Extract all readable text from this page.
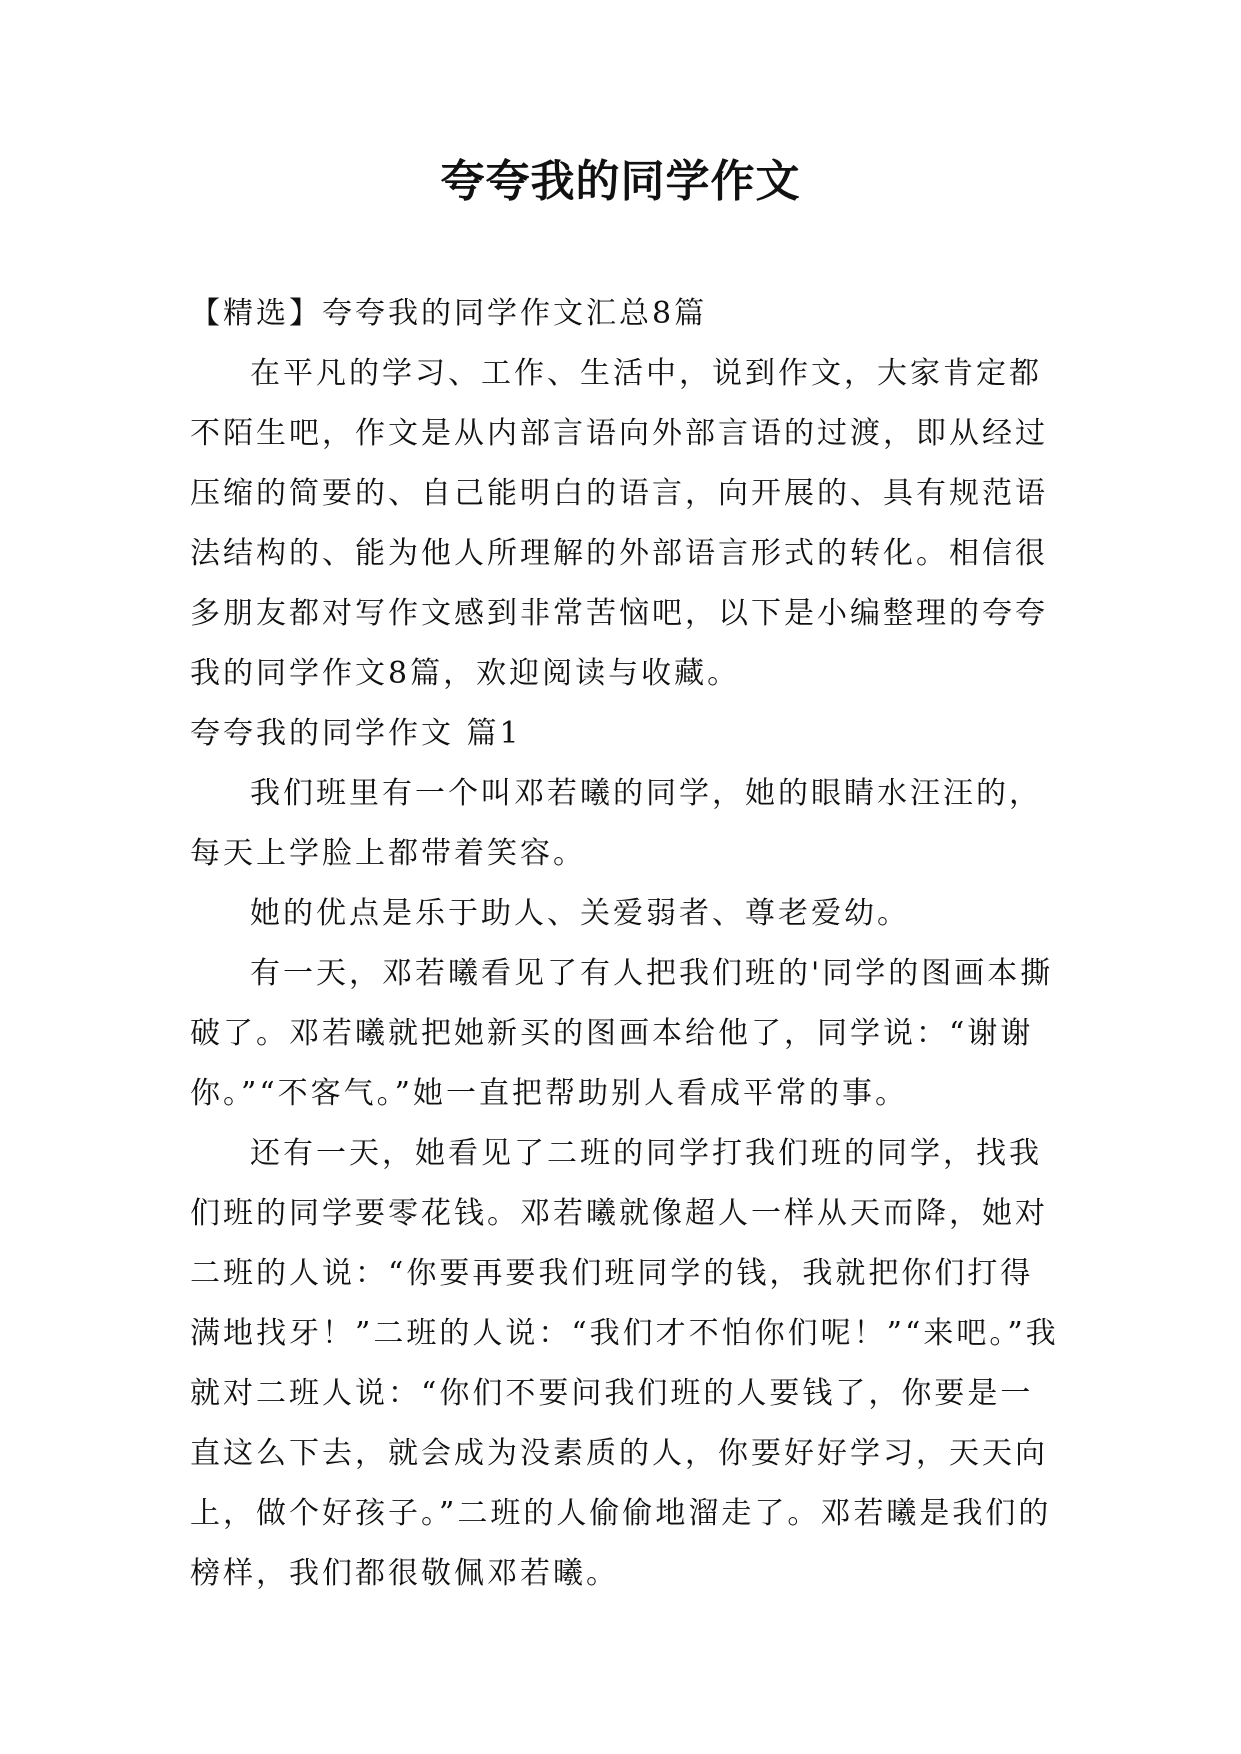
夸夸我的同学作文

【精选】夸夸我的同学作文汇总8篇

在平凡的学习、工作、生活中，说到作文，大家肯定都不陌生吧，作文是从内部言语向外部言语的过渡，即从经过压缩的简要的、自己能明白的语言，向开展的、具有规范语法结构的、能为他人所理解的外部语言形式的转化。相信很多朋友都对写作文感到非常苦恼吧，以下是小编整理的夸夸我的同学作文8篇，欢迎阅读与收藏。

夸夸我的同学作文 篇1

我们班里有一个叫邓若曦的同学，她的眼睛水汪汪的，每天上学脸上都带着笑容。

她的优点是乐于助人、关爱弱者、尊老爱幼。

有一天，邓若曦看见了有人把我们班的'同学的图画本撕破了。邓若曦就把她新买的图画本给他了，同学说：“谢谢你。”“不客气。”她一直把帮助别人看成平常的事。

还有一天，她看见了二班的同学打我们班的同学，找我们班的同学要零花钱。邓若曦就像超人一样从天而降，她对二班的人说：“你要再要我们班同学的钱，我就把你们打得满地找牙！”二班的人说：“我们才不怕你们呢！”“来吧。”我就对二班人说：“你们不要问我们班的人要钱了，你要是一直这么下去，就会成为没素质的人，你要好好学习，天天向上，做个好孩子。”二班的人偷偷地溜走了。邓若曦是我们的榜样，我们都很敬佩邓若曦。
